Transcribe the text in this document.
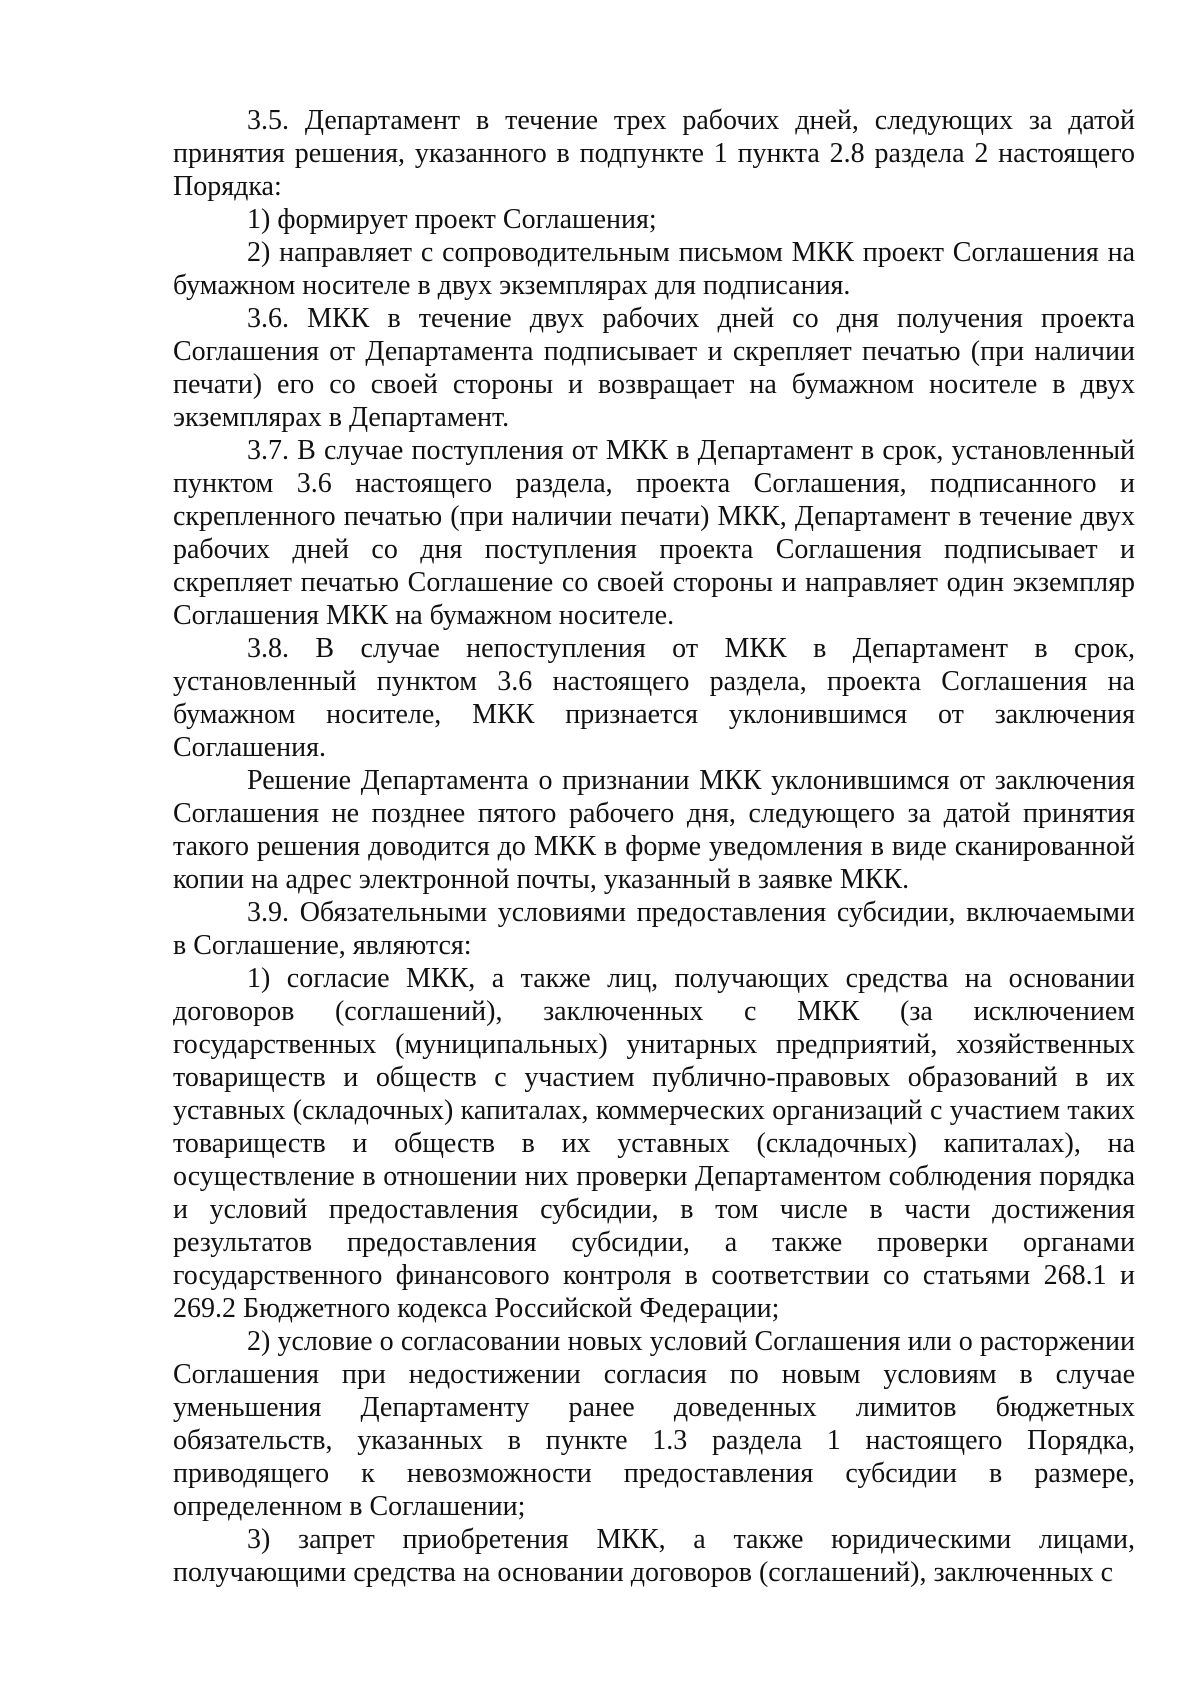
3.5. Департамент в течение трех рабочих дней, следующих за датой принятия решения, указанного в подпункте 1 пункта 2.8 раздела 2 настоящего Порядка:

1) формирует проект Соглашения;

2) направляет с сопроводительным письмом МКК проект Соглашения на бумажном носителе в двух экземплярах для подписания.

3.6. МКК в течение двух рабочих дней со дня получения проекта Соглашения от Департамента подписывает и скрепляет печатью (при наличии печати) его со своей стороны и возвращает на бумажном носителе в двух экземплярах в Департамент.

3.7. В случае поступления от МКК в Департамент в срок, установленный пунктом 3.6 настоящего раздела, проекта Соглашения, подписанного и скрепленного печатью (при наличии печати) МКК, Департамент в течение двух рабочих дней со дня поступления проекта Соглашения подписывает и скрепляет печатью Соглашение со своей стороны и направляет один экземпляр Соглашения МКК на бумажном носителе.

3.8. В случае непоступления от МКК в Департамент в срок, установленный пунктом 3.6 настоящего раздела, проекта Соглашения на бумажном носителе, МКК признается уклонившимся от заключения Соглашения.

Решение Департамента о признании МКК уклонившимся от заключения Соглашения не позднее пятого рабочего дня, следующего за датой принятия такого решения доводится до МКК в форме уведомления в виде сканированной копии на адрес электронной почты, указанный в заявке МКК.

3.9. Обязательными условиями предоставления субсидии, включаемыми в Соглашение, являются:

1) согласие МКК, а также лиц, получающих средства на основании договоров (соглашений), заключенных с МКК (за исключением государственных (муниципальных) унитарных предприятий, хозяйственных товариществ и обществ с участием публично-правовых образований в их уставных (складочных) капиталах, коммерческих организаций с участием таких товариществ и обществ в их уставных (складочных) капиталах), на осуществление в отношении них проверки Департаментом соблюдения порядка и условий предоставления субсидии, в том числе в части достижения результатов предоставления субсидии, а также проверки органами государственного финансового контроля в соответствии со статьями 268.1 и 269.2 Бюджетного кодекса Российской Федерации;

2) условие о согласовании новых условий Соглашения или о расторжении Соглашения при недостижении согласия по новым условиям в случае уменьшения Департаменту ранее доведенных лимитов бюджетных обязательств, указанных в пункте 1.3 раздела 1 настоящего Порядка, приводящего к невозможности предоставления субсидии в размере, определенном в Соглашении;

3) запрет приобретения МКК, а также юридическими лицами, получающими средства на основании договоров (соглашений), заключенных с
